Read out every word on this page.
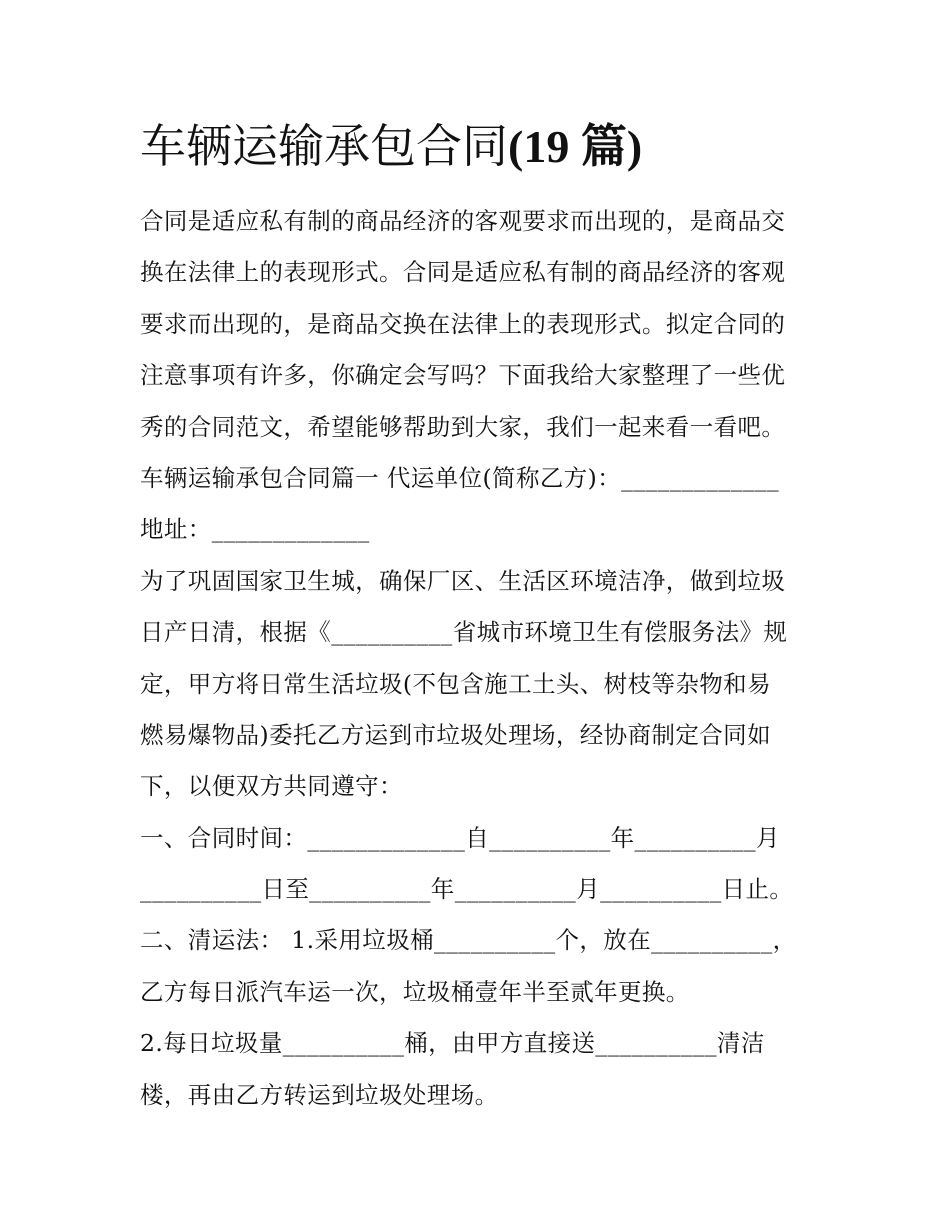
车辆运输承包合同(19 篇)
合同是适应私有制的商品经济的客观要求而出现的，是商品交
换在法律上的表现形式。合同是适应私有制的商品经济的客观
要求而出现的，是商品交换在法律上的表现形式。拟定合同的
注意事项有许多，你确定会写吗？下面我给大家整理了一些优
秀的合同范文，希望能够帮助到大家，我们一起来看一看吧。
车辆运输承包合同篇一 代运单位(简称乙方)：_____________
地址：_____________
为了巩固国家卫生城，确保厂区、生活区环境洁净，做到垃圾
日产日清，根据《__________省城市环境卫生有偿服务法》规
定，甲方将日常生活垃圾(不包含施工土头、树枝等杂物和易
燃易爆物品)委托乙方运到市垃圾处理场，经协商制定合同如
下，以便双方共同遵守：
一、合同时间：_____________自__________年__________月
__________日至__________年__________月__________日止。
二、清运法： 1.采用垃圾桶__________个，放在__________，
乙方每日派汽车运一次，垃圾桶壹年半至贰年更换。
2.每日垃圾量__________桶，由甲方直接送__________清洁
楼，再由乙方转运到垃圾处理场。
